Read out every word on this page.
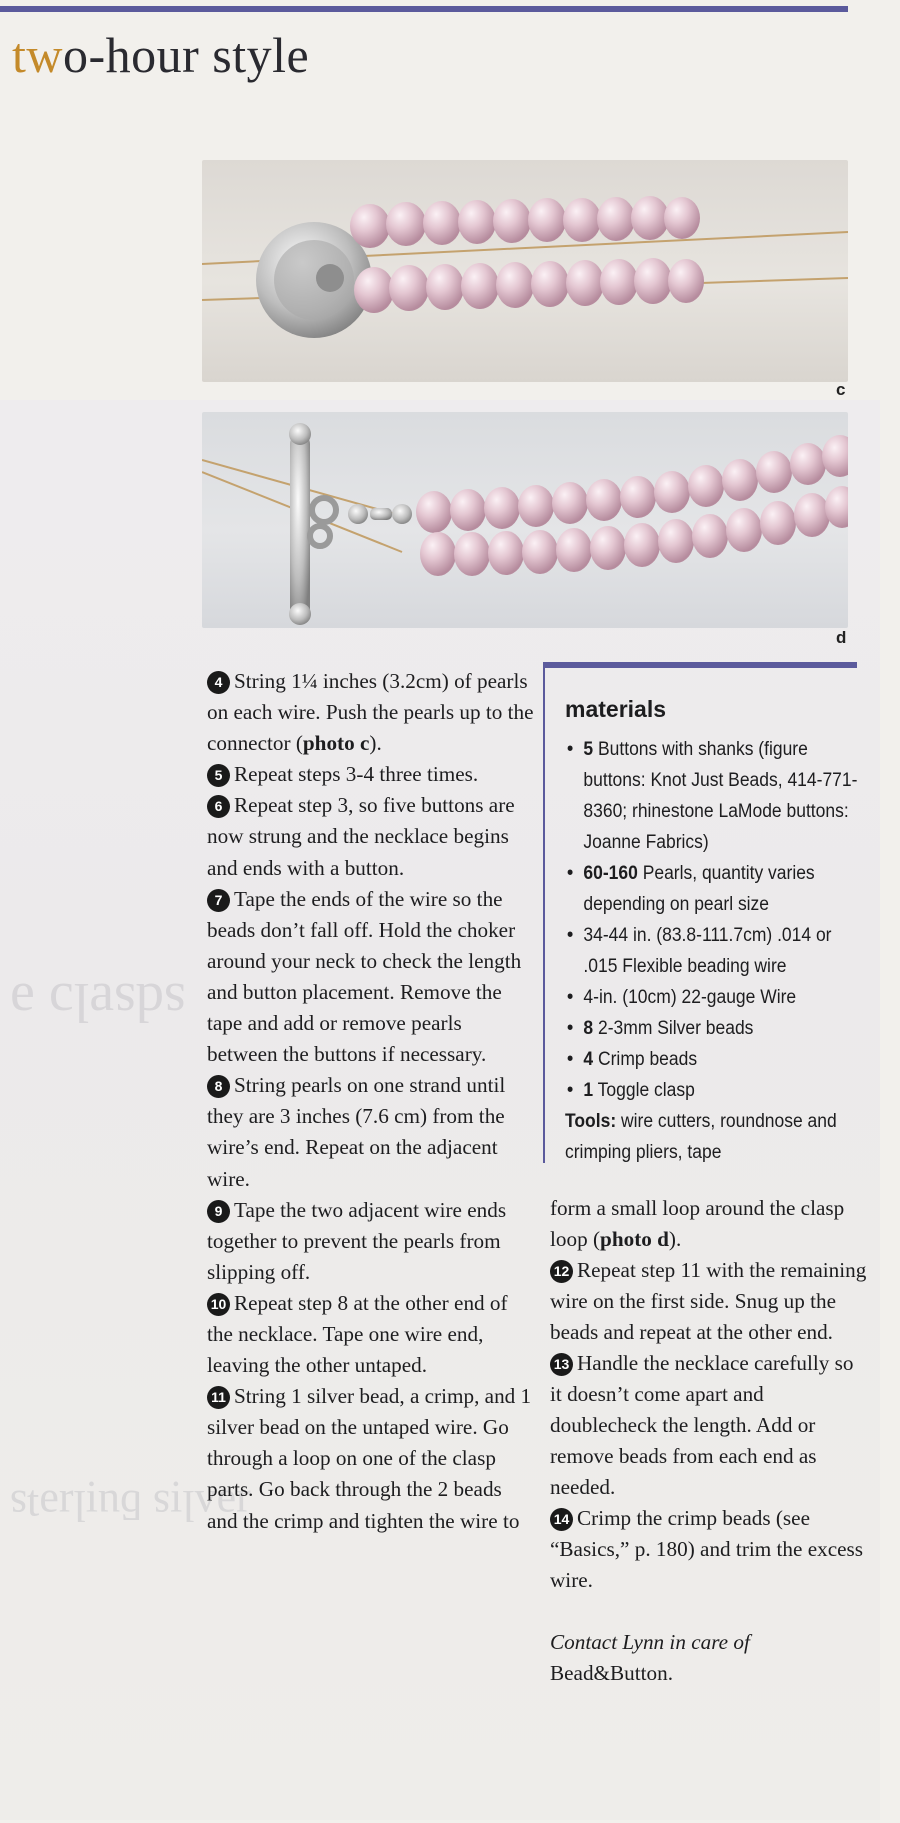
sdsɐlɔ ǝ
ɹǝʌlᴉs ƃuᴉlɹǝʇs
two-hour style
c
d

4 String 1¼ inches (3.2cm) of pearls on each wire. Push the pearls up to the connector (photo c).

5 Repeat steps 3-4 three times.

6 Repeat step 3, so five buttons are now strung and the necklace begins and ends with a button.

7 Tape the ends of the wire so the beads don’t fall off. Hold the choker around your neck to check the length and button placement. Remove the tape and add or remove pearls between the buttons if necessary.

8 String pearls on one strand until they are 3 inches (7.6 cm) from the wire’s end. Repeat on the adjacent wire.

9 Tape the two adjacent wire ends together to prevent the pearls from slipping off.

10 Repeat step 8 at the other end of the necklace. Tape one wire end, leaving the other untaped.

11 String 1 silver bead, a crimp, and 1 silver bead on the untaped wire. Go through a loop on one of the clasp parts. Go back through the 2 beads and the crimp and tighten the wire to

materials
• 5 Buttons with shanks (figure buttons: Knot Just Beads, 414-771-8360; rhinestone LaMode buttons: Joanne Fabrics)
• 60-160 Pearls, quantity varies depending on pearl size
• 34-44 in. (83.8-111.7cm) .014 or .015 Flexible beading wire
• 4-in. (10cm) 22-gauge Wire
• 8 2-3mm Silver beads
• 4 Crimp beads
• 1 Toggle clasp
Tools: wire cutters, roundnose and crimping pliers, tape

form a small loop around the clasp loop (photo d).

12 Repeat step 11 with the remaining wire on the first side. Snug up the beads and repeat at the other end.

13 Handle the necklace carefully so it doesn’t come apart and doublecheck the length. Add or remove beads from each end as needed.

14 Crimp the crimp beads (see “Basics,” p. 180) and trim the excess wire.

Contact Lynn in care of
Bead&Button.
